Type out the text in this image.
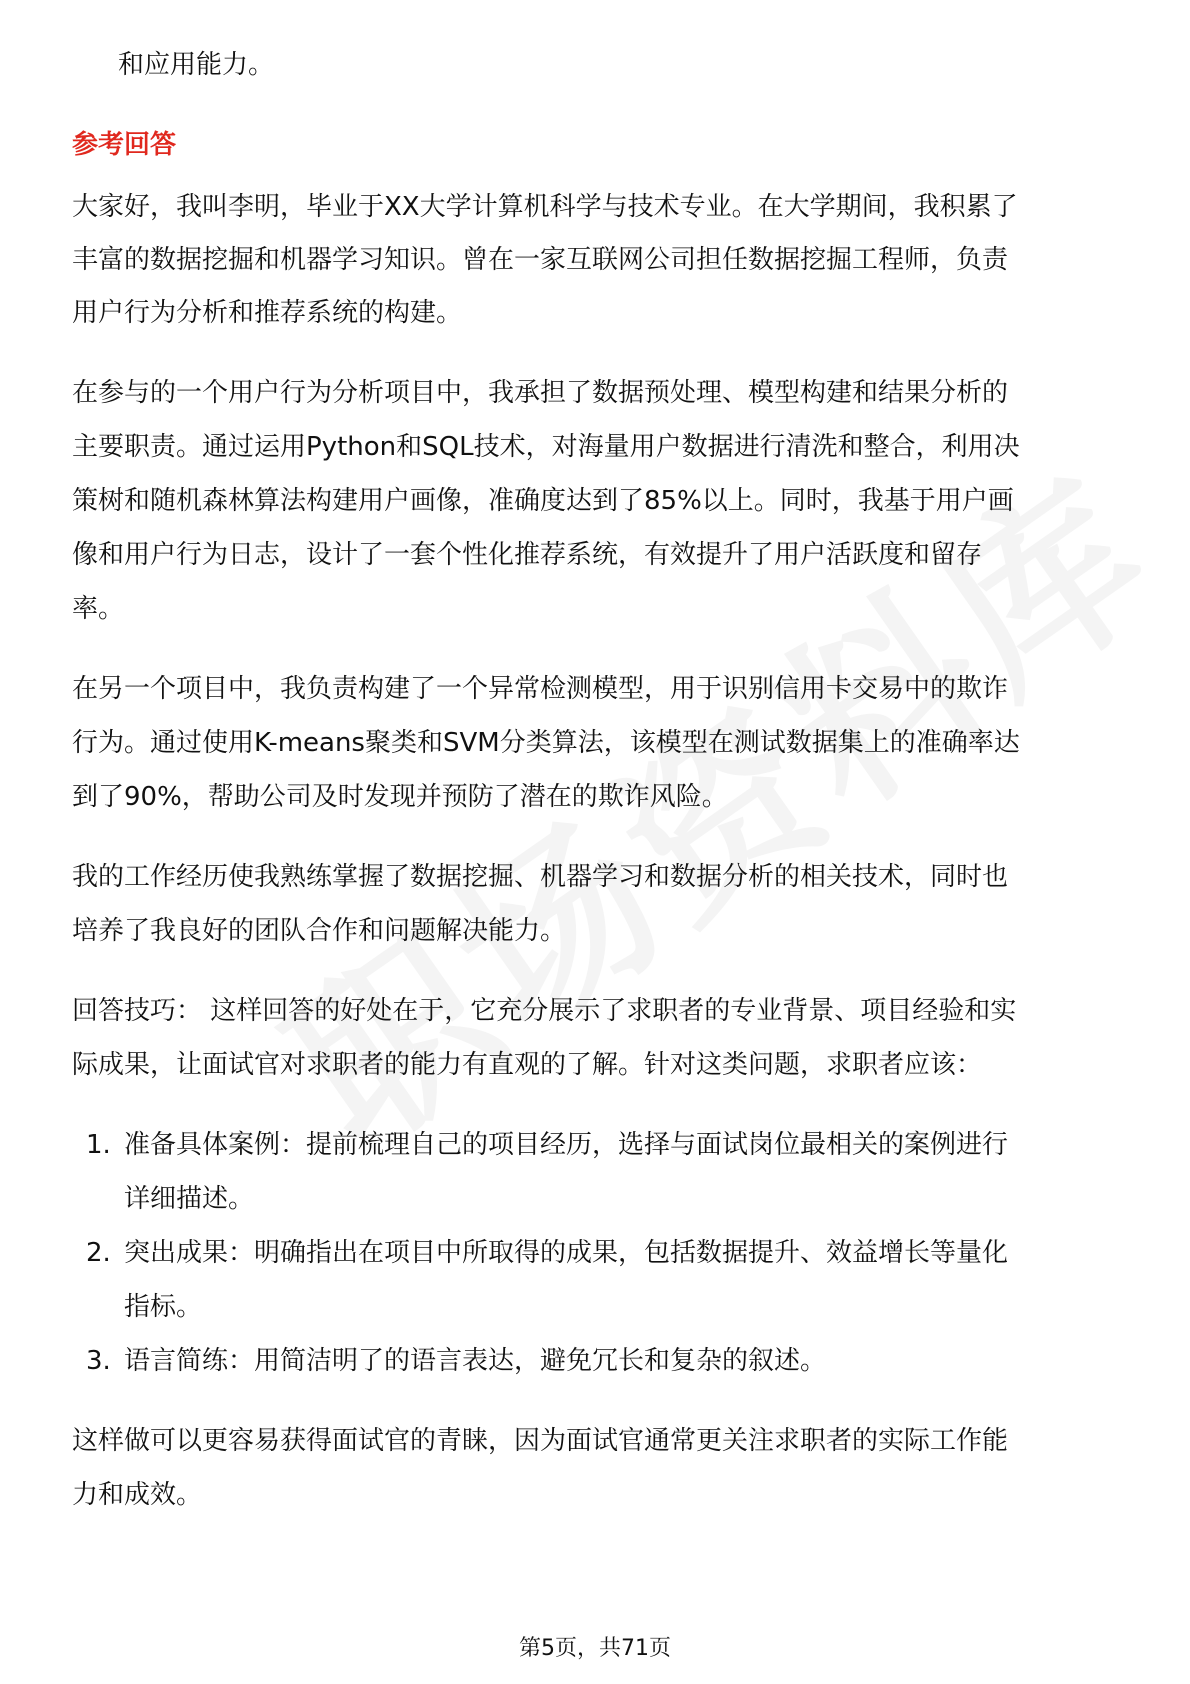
和应用能力。
参考回答
大家好，我叫李明，毕业于XX大学计算机科学与技术专业。在大学期间，我积累了
丰富的数据挖掘和机器学习知识。曾在一家互联网公司担任数据挖掘工程师，负责
用户行为分析和推荐系统的构建。
在参与的一个用户行为分析项目中，我承担了数据预处理、模型构建和结果分析的
主要职责。通过运用Python和SQL技术，对海量用户数据进行清洗和整合，利用决
策树和随机森林算法构建用户画像，准确度达到了85%以上。同时，我基于用户画
像和用户行为日志，设计了一套个性化推荐系统，有效提升了用户活跃度和留存
率。
在另一个项目中，我负责构建了一个异常检测模型，用于识别信用卡交易中的欺诈
行为。通过使用K-means聚类和SVM分类算法，该模型在测试数据集上的准确率达
到了90%，帮助公司及时发现并预防了潜在的欺诈风险。
我的工作经历使我熟练掌握了数据挖掘、机器学习和数据分析的相关技术，同时也
培养了我良好的团队合作和问题解决能力。
回答技巧： 这样回答的好处在于，它充分展示了求职者的专业背景、项目经验和实
际成果，让面试官对求职者的能力有直观的了解。针对这类问题，求职者应该：
1. 准备具体案例：提前梳理自己的项目经历，选择与面试岗位最相关的案例进行
详细描述。
2. 突出成果：明确指出在项目中所取得的成果，包括数据提升、效益增长等量化
指标。
3. 语言简练：用简洁明了的语言表达，避免冗长和复杂的叙述。
这样做可以更容易获得面试官的青睐，因为面试官通常更关注求职者的实际工作能
力和成效。
第5页，共71页
